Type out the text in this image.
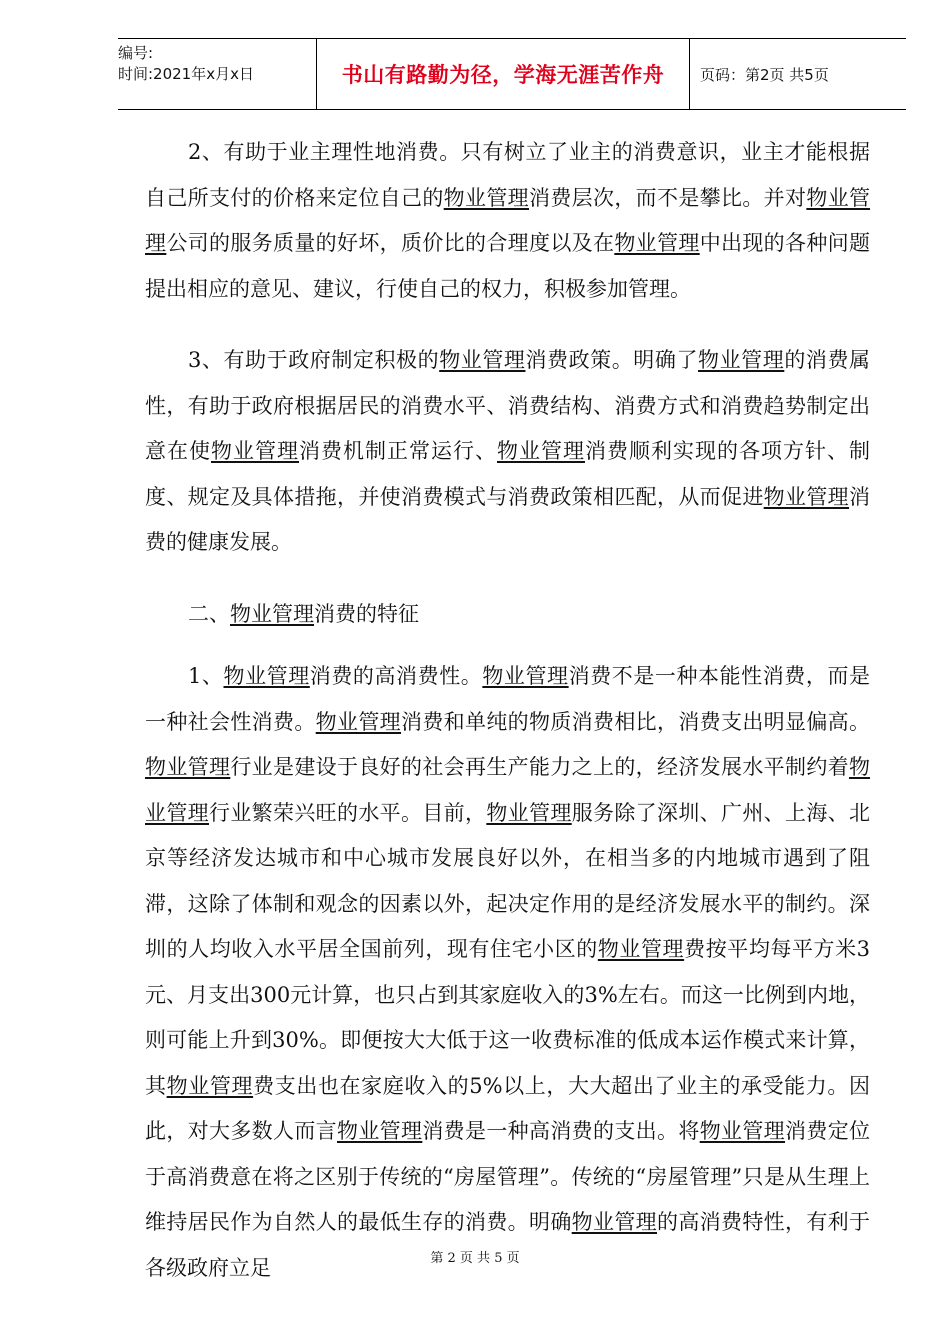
编号:
时间:2021年x月x日	书山有路勤为径，学海无涯苦作舟 页码：第2页 共5页

2、有助于业主理性地消费。只有树立了业主的消费意识，业主才能根据自己所支付的价格来定位自己的物业管理消费层次，而不是攀比。并对物业管理公司的服务质量的好坏，质价比的合理度以及在物业管理中出现的各种问题提出相应的意见、建议，行使自己的权力，积极参加管理。

3、有助于政府制定积极的物业管理消费政策。明确了物业管理的消费属性，有助于政府根据居民的消费水平、消费结构、消费方式和消费趋势制定出意在使物业管理消费机制正常运行、物业管理消费顺利实现的各项方针、制度、规定及具体措拖，并使消费模式与消费政策相匹配，从而促进物业管理消费的健康发展。

二、物业管理消费的特征

1、物业管理消费的高消费性。物业管理消费不是一种本能性消费，而是一种社会性消费。物业管理消费和单纯的物质消费相比，消费支出明显偏高。物业管理行业是建设于良好的社会再生产能力之上的，经济发展水平制约着物业管理行业繁荣兴旺的水平。目前，物业管理服务除了深圳、广州、上海、北京等经济发达城市和中心城市发展良好以外，在相当多的内地城市遇到了阻滞，这除了体制和观念的因素以外，起决定作用的是经济发展水平的制约。深圳的人均收入水平居全国前列，现有住宅小区的物业管理费按平均每平方米3元、月支出300元计算，也只占到其家庭收入的3%左右。而这一比例到内地，则可能上升到30%。即便按大大低于这一收费标准的低成本运作模式来计算，其物业管理费支出也在家庭收入的5%以上，大大超出了业主的承受能力。因此，对大多数人而言物业管理消费是一种高消费的支出。将物业管理消费定位于高消费意在将之区别于传统的“房屋管理”。传统的“房屋管理”只是从生理上维持居民作为自然人的最低生存的消费。明确物业管理的高消费特性，有利于各级政府立足	第 2 页 共 5 页
